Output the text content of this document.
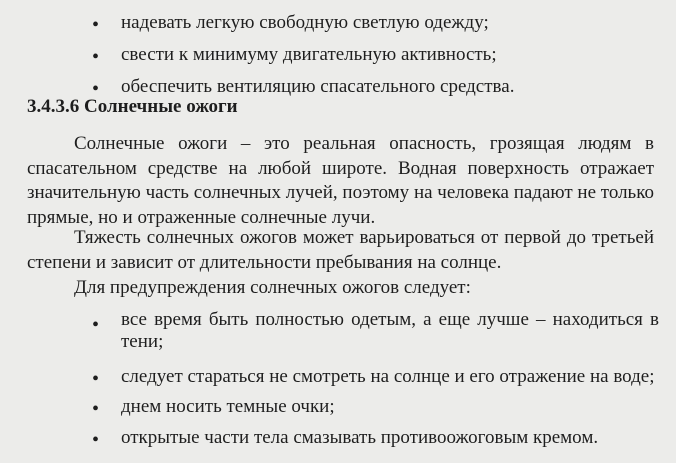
• надевать легкую свободную светлую одежду;
• свести к минимуму двигательную активность;
• обеспечить вентиляцию спасательного средства.
3.4.3.6 Солнечные ожоги
Солнечные ожоги – это реальная опасность, грозящая людям в спасательном средстве на любой широте. Водная поверхность отражает значительную часть солнечных лучей, поэтому на человека падают не только прямые, но и отраженные солнечные лучи.
Тяжесть солнечных ожогов может варьироваться от первой до третьей степени и зависит от длительности пребывания на солнце.
Для предупреждения солнечных ожогов следует:
• все время быть полностью одетым, а еще лучше – находиться в тени;
• следует стараться не смотреть на солнце и его отражение на воде;
• днем носить темные очки;
• открытые части тела смазывать противоожоговым кремом.
